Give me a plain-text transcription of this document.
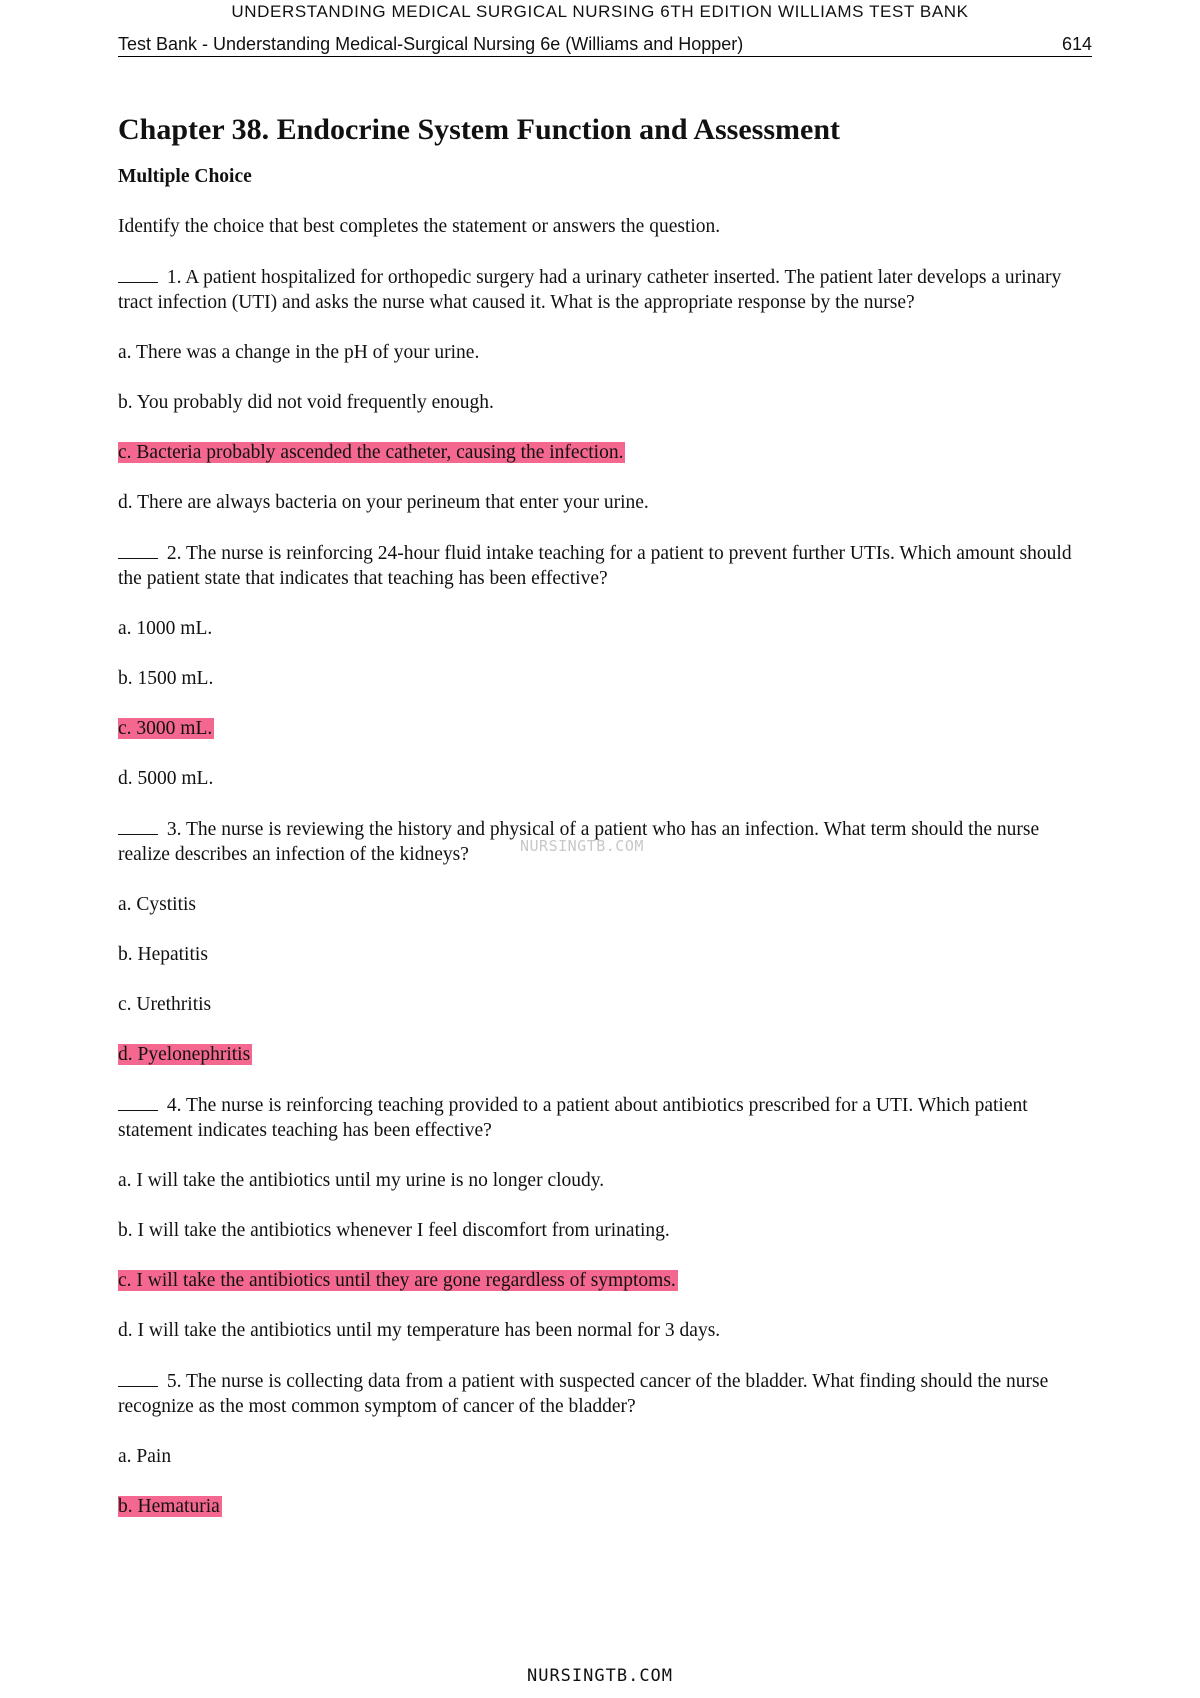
UNDERSTANDING MEDICAL SURGICAL NURSING 6TH EDITION WILLIAMS TEST BANK
Test Bank - Understanding Medical-Surgical Nursing 6e (Williams and Hopper)	614
NURSINGTB.COM
Chapter 38. Endocrine System Function and Assessment
Multiple Choice
Identify the choice that best completes the statement or answers the question.
1. A patient hospitalized for orthopedic surgery had a urinary catheter inserted. The patient later develops a urinary tract infection (UTI) and asks the nurse what caused it. What is the appropriate response by the nurse?
a. There was a change in the pH of your urine.
b. You probably did not void frequently enough.
c. Bacteria probably ascended the catheter, causing the infection.
d. There are always bacteria on your perineum that enter your urine.
2. The nurse is reinforcing 24-hour fluid intake teaching for a patient to prevent further UTIs. Which amount should the patient state that indicates that teaching has been effective?
a. 1000 mL.
b. 1500 mL.
c. 3000 mL.
d. 5000 mL.
3. The nurse is reviewing the history and physical of a patient who has an infection. What term should the nurse realize describes an infection of the kidneys?
a. Cystitis
b. Hepatitis
c. Urethritis
d. Pyelonephritis
4. The nurse is reinforcing teaching provided to a patient about antibiotics prescribed for a UTI. Which patient statement indicates teaching has been effective?
a. I will take the antibiotics until my urine is no longer cloudy.
b. I will take the antibiotics whenever I feel discomfort from urinating.
c. I will take the antibiotics until they are gone regardless of symptoms.
d. I will take the antibiotics until my temperature has been normal for 3 days.
5. The nurse is collecting data from a patient with suspected cancer of the bladder. What finding should the nurse recognize as the most common symptom of cancer of the bladder?
a. Pain
b. Hematuria
NURSINGTB.COM
